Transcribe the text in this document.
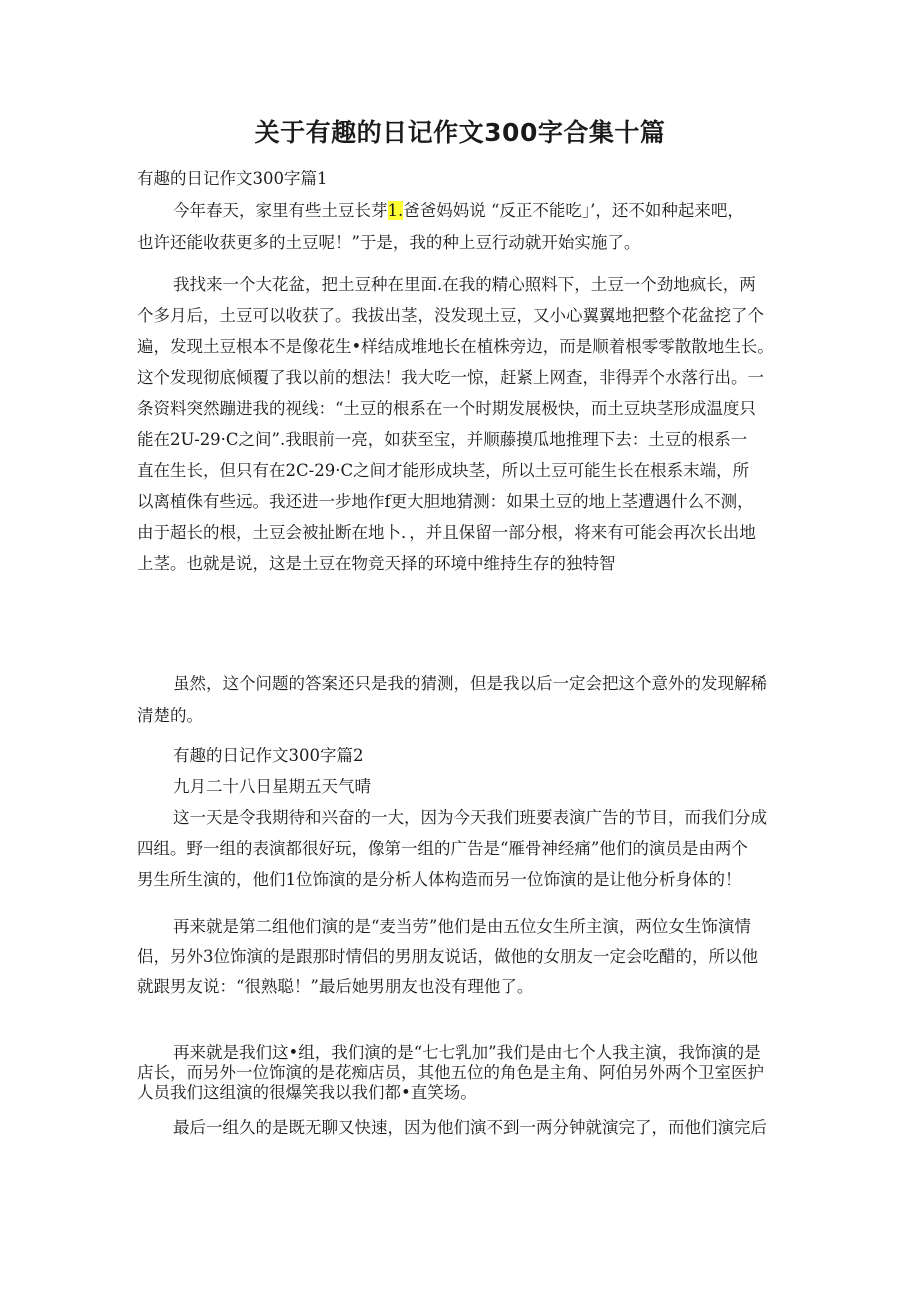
关于有趣的日记作文300字合集十篇
有趣的日记作文300字篇1
今年春天，家里有些土豆长芽1.爸爸妈妈说 “反正不能吃」’，还不如种起来吧，
也许还能收获更多的土豆呢！”于是，我的种上豆行动就开始实施了。
我找来一个大花盆，把土豆种在里面.在我的精心照料下，土豆一个劲地疯长，两
个多月后，土豆可以收获了。我拔出茎，没发现土豆，又小心翼翼地把整个花盆挖了个
遍，发现土豆根本不是像花生•样结成堆地长在植株旁边，而是顺着根零零散散地生长。
这个发现彻底倾覆了我以前的想法！我大吃一惊，赶紧上网查，非得弄个水落行出。一
条资料突然蹦进我的视线：“土豆的根系在一个时期发展极快，而土豆块茎形成温度只
能在2U-29·C之间”.我眼前一亮，如获至宝，并顺藤摸瓜地推理下去：土豆的根系一
直在生长，但只有在2C-29·C之间才能形成块茎，所以土豆可能生长在根系末端，所
以离植侏有些远。我还进一步地作f更大胆地猜测：如果土豆的地上茎遭遇什么不测，
由于超长的根，土豆会被扯断在地卜．，并且保留一部分根，将来有可能会再次长出地
上茎。也就是说，这是土豆在物竞天择的环境中维持生存的独特智
虽然，这个问题的答案还只是我的猜测，但是我以后一定会把这个意外的发现解稀
清楚的。
有趣的日记作文300字篇2
九月二十八日星期五天气晴
这一天是令我期待和兴奋的一大，因为今天我们班要表演广告的节目，而我们分成
四组。野一组的表演都很好玩，像第一组的广告是“雁骨神经痛”他们的演员是由两个
男生所生演的，他们1位饰演的是分析人体构造而另一位饰演的是让他分析身体的！
再来就是第二组他们演的是“麦当劳”他们是由五位女生所主演，两位女生饰演情
侣，另外3位饰演的是跟那时情侣的男朋友说话，做他的女朋友一定会吃醋的，所以他
就跟男友说：“很熟聪！”最后她男朋友也没有理他了。
再来就是我们这•组，我们演的是“七七乳加”我们是由七个人我主演，我饰演的是
店长，而另外一位饰演的是花痴店员，其他五位的角色是主角、阿伯另外两个卫室医护
人员我们这组演的很爆笑我以我们都•直笑场。
最后一组久的是既无聊又快速，因为他们演不到一两分钟就演完了，而他们演完后
